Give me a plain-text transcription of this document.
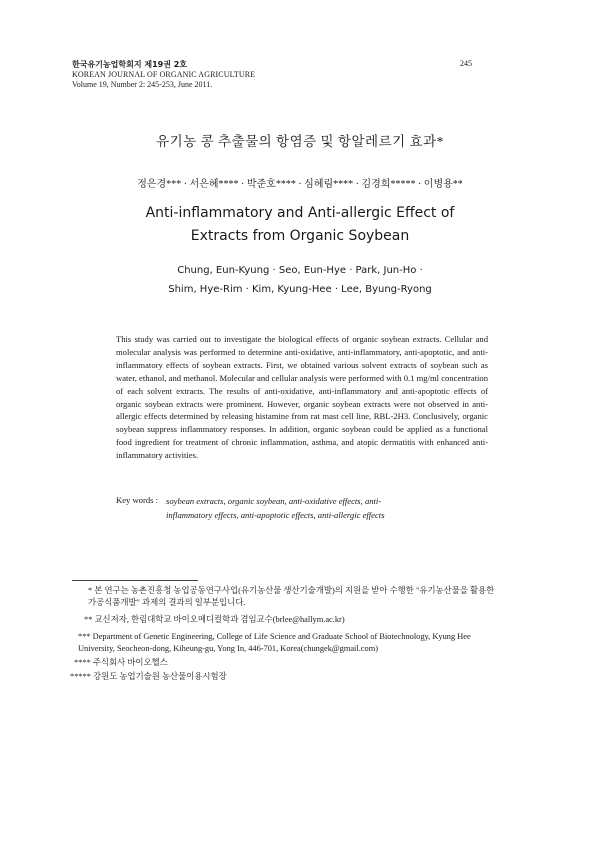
한국유기농업학회지 제19권 2호
KOREAN JOURNAL OF ORGANIC AGRICULTURE
Volume 19, Number 2: 245-253, June 2011.
245
유기농 콩 추출물의 항염증 및 항알레르기 효과*
정은경*** · 서은혜**** · 박준호**** · 심혜림**** · 김경희***** · 이병용**
Anti-inflammatory and Anti-allergic Effect of
Extracts from Organic Soybean
Chung, Eun-Kyung · Seo, Eun-Hye · Park, Jun-Ho ·
Shim, Hye-Rim · Kim, Kyung-Hee · Lee, Byung-Ryong
This study was carried out to investigate the biological effects of organic soybean extracts. Cellular and molecular analysis was performed to determine anti-oxidative, anti-inflammatory, anti-apoptotic, and anti-inflammatory effects of soybean extracts. First, we obtained various solvent extracts of soybean such as water, ethanol, and methanol. Molecular and cellular analysis were performed with 0.1 mg/ml concentration of each solvent extracts. The results of anti-oxidative, anti-inflammatory and anti-apoptotic effects of organic soybean extracts were prominent. However, organic soybean extracts were not observed in anti-allergic effects determined by releasing histamine from rat mast cell line, RBL-2H3. Conclusively, organic soybean suppress inflammatory responses. In addition, organic soybean could be applied as a functional food ingredient for treatment of chronic inflammation, asthma, and atopic dermatitis with enhanced anti-inflammatory activities.
Key words : soybean extracts, organic soybean, anti-oxidative effects, anti-inflammatory effects, anti-apoptotic effects, anti-allergic effects
* 본 연구는 농촌진흥청 농업공동연구사업(유기농산물 생산기술개발)의 지원을 받아 수행한 "유기농산물을 활용한 가공식품개발" 과제의 결과의 일부분입니다.
** 교신저자, 한림대학교 바이오메디컬학과 겸임교수(brlee@hallym.ac.kr)
*** Department of Genetic Engineering, College of Life Science and Graduate School of Biotechnology, Kyung Hee University, Seocheon-dong, Kiheung-gu, Yong In, 446-701, Korea(chungek@gmail.com)
**** 주식회사 바이오헬스
***** 강원도 농업기술원 농산물이용시험장
